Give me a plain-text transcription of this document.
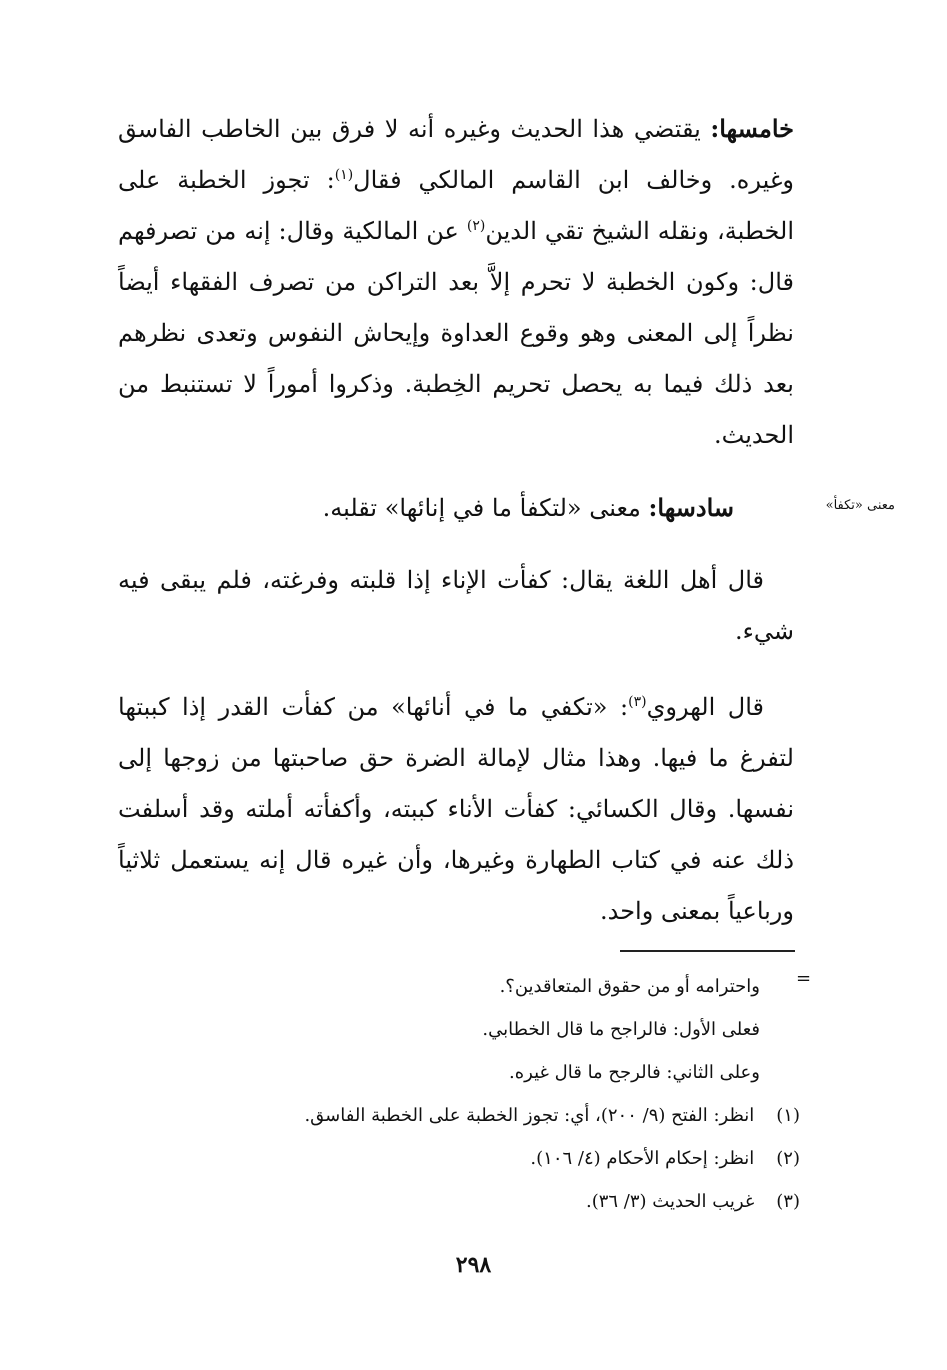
خامسها: يقتضي هذا الحديث وغيره أنه لا فرق بين الخاطب الفاسق وغيره. وخالف ابن القاسم المالكي فقال$^{(١)}$: تجوز الخطبة على الخطبة، ونقله الشيخ تقي الدين$^{(٢)}$ عن المالكية وقال: إنه من تصرفهم قال: وكون الخطبة لا تحرم إلاَّ بعد التراكن من تصرف الفقهاء أيضاً نظراً إلى المعنى وهو وقوع العداوة وإيحاش النفوس وتعدى نظرهم بعد ذلك فيما به يحصل تحريم الخِطبة. وذكروا أموراً لا تستنبط من الحديث.

معنى «تكفأ»

سادسها: معنى «لتكفأ ما في إنائها» تقلبه.

قال أهل اللغة يقال: كفأت الإناء إذا قلبته وفرغته، فلم يبقى فيه شيء.

قال الهروي$^{(٣)}$: «تكفي ما في أنائها» من كفأت القدر إذا كببتها لتفرغ ما فيها. وهذا مثال لإمالة الضرة حق صاحبتها من زوجها إلى نفسها. وقال الكسائي: كفأت الأناء كببته، وأكفأته أملته وقد أسلفت ذلك عنه في كتاب الطهارة وغيرها، وأن غيره قال إنه يستعمل ثلاثياً ورباعياً بمعنى واحد.

=
واحترامه أو من حقوق المتعاقدين؟.
فعلى الأول: فالراجح ما قال الخطابي.
وعلى الثاني: فالرجح ما قال غيره.
(١) انظر: الفتح (٩/ ٢٠٠)، أي: تجوز الخطبة على الخطبة الفاسق.
(٢) انظر: إحكام الأحكام (٤/ ١٠٦).
(٣) غريب الحديث (٣/ ٣٦).
٢٩٨
